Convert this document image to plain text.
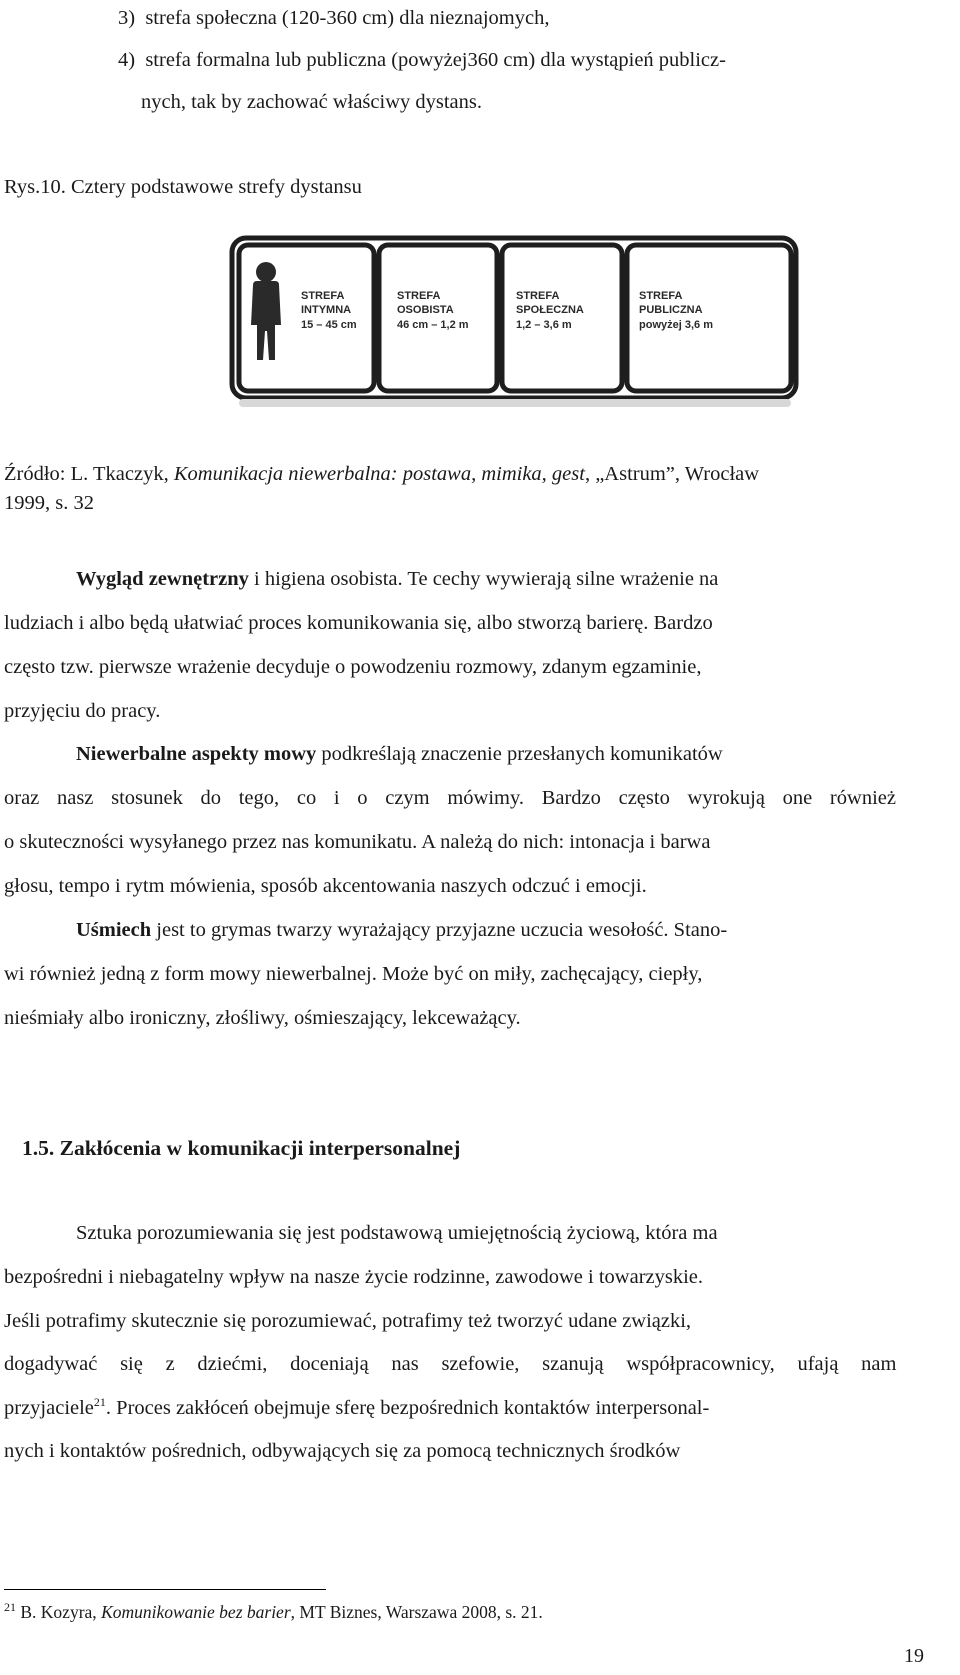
3)  strefa społeczna (120-360 cm) dla nieznajomych,
4)  strefa formalna lub publiczna (powyżej360 cm) dla wystąpień publicz-
nych, tak by zachować właściwy dystans.
Rys.10. Cztery podstawowe strefy dystansu
STREFA
INTYMNA
15 – 45 cm
STREFA
OSOBISTA
46 cm – 1,2 m
STREFA
SPOŁECZNA
1,2 – 3,6 m
STREFA
PUBLICZNA
powyżej 3,6 m
Źródło: L. Tkaczyk, Komunikacja niewerbalna: postawa, mimika, gest, „Astrum”, Wrocław
1999, s. 32
Wygląd zewnętrzny i higiena osobista. Te cechy wywierają silne wrażenie na
ludziach i albo będą ułatwiać proces komunikowania się, albo stworzą barierę. Bardzo
często tzw. pierwsze wrażenie decyduje o powodzeniu rozmowy, zdanym egzaminie,
przyjęciu do pracy.
Niewerbalne aspekty mowy podkreślają znaczenie przesłanych komunikatów
oraz nasz stosunek do tego, co i o czym mówimy. Bardzo często wyrokują one również
o skuteczności wysyłanego przez nas komunikatu. A należą do nich: intonacja i barwa
głosu, tempo i rytm mówienia, sposób akcentowania naszych odczuć i emocji.
Uśmiech jest to grymas twarzy wyrażający przyjazne uczucia wesołość. Stano-
wi również jedną z form mowy niewerbalnej. Może być on miły, zachęcający, ciepły,
nieśmiały albo ironiczny, złośliwy, ośmieszający, lekceważący.
1.5. Zakłócenia w komunikacji interpersonalnej
Sztuka porozumiewania się jest podstawową umiejętnością życiową, która ma
bezpośredni i niebagatelny wpływ na nasze życie rodzinne, zawodowe i towarzyskie.
Jeśli potrafimy skutecznie się porozumiewać, potrafimy też tworzyć udane związki,
dogadywać się z dziećmi, doceniają nas szefowie, szanują współpracownicy, ufają nam
przyjaciele$^{21}$. Proces zakłóceń obejmuje sferę bezpośrednich kontaktów interpersonal-
nych i kontaktów pośrednich, odbywających się za pomocą technicznych środków
$^{21}$ B. Kozyra, Komunikowanie bez barier, MT Biznes, Warszawa 2008, s. 21.
19
